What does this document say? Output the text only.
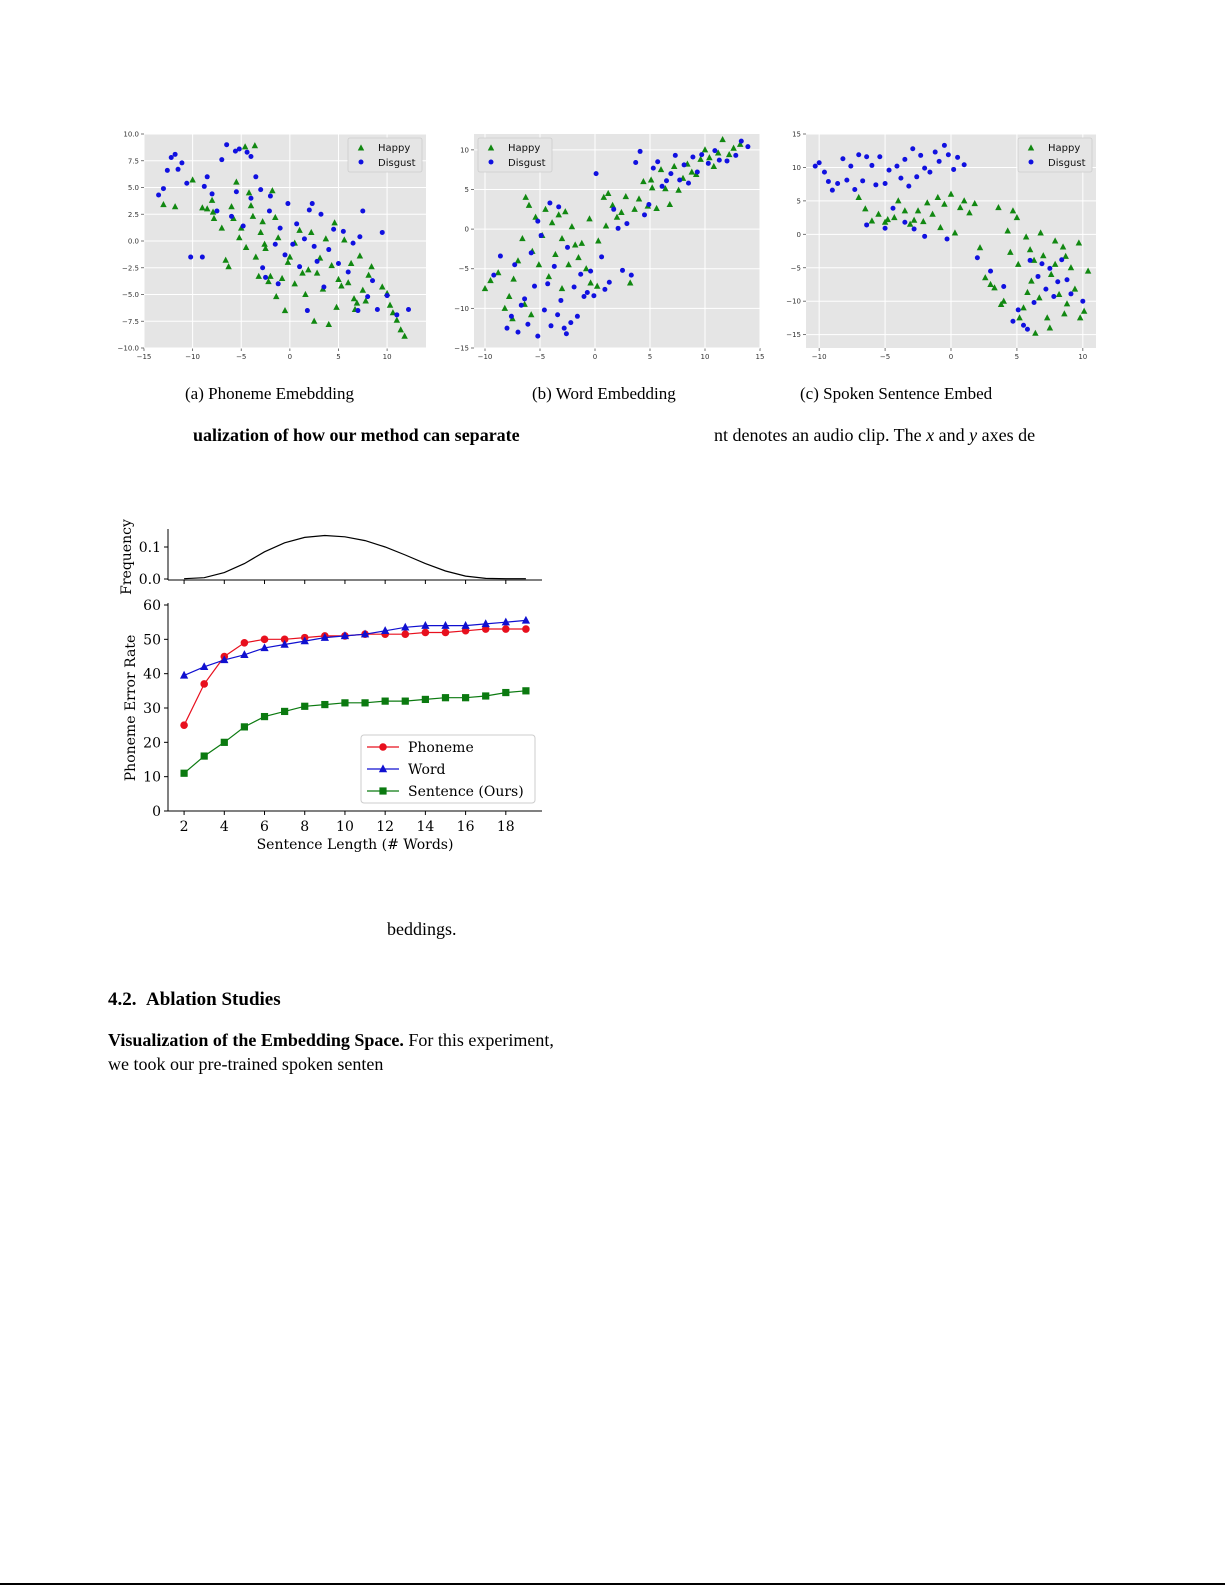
−15	−10	−5	0	5	10
−10.0
−7.5
−5.0
−2.5
0.0
2.5
5.0
7.5
10.0
Happy
Disgust
−10	−5	0	5	10	15
−15
−10
−5
0
5
10	Happy
Disgust
−10	−5	0	5	10
−15
−10
−5
0
5
10
15
Happy
Disgust
(a) Phoneme Emebdding	(b) Word Embedding	(c) Spoken Sentence Embed
ualization of how our method can separate	nt denotes an audio clip. The x and y axes de
0.0
0.1
Frequency
0
10
20
30
40
50
60
2 4 6 8 10 12 14 16 18
Sentence Length (# Words)
Phoneme Error Rate	Phoneme
Word
Sentence (Ours)
beddings.
4.2. Ablation Studies
Visualization of the Embedding Space. For this experiment,
we took our pre-trained spoken senten
